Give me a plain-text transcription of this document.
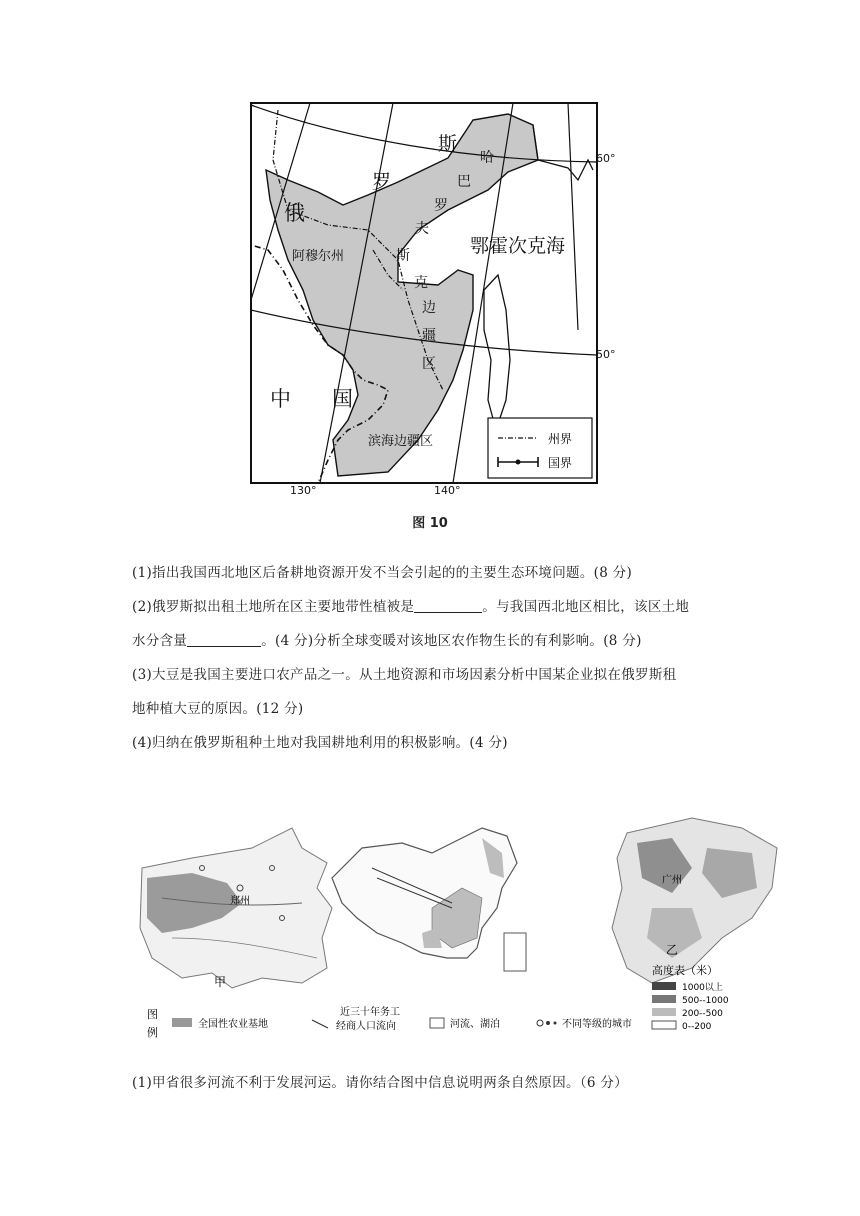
斯
哈
巴
罗
罗
夫
俄
斯
阿穆尔州	鄂霍次克海
克
边
疆
区
中 国
滨海边疆区
60°
50°
130°	140°
州界
国界
图 10
(1)指出我国西北地区后备耕地资源开发不当会引起的的主要生态环境问题。(8 分)
(2)俄罗斯拟出租土地所在区主要地带性植被是	。与我国西北地区相比，该区土地
水分含量	。(4 分)分析全球变暖对该地区农作物生长的有利影响。(8 分)
(3)大豆是我国主要进口农产品之一。从土地资源和市场因素分析中国某企业拟在俄罗斯租
地种植大豆的原因。(12 分)
(4)归纳在俄罗斯租种土地对我国耕地利用的积极影响。(4 分)
郑州
甲
广州
乙
高度表（米）
1000以上
500--1000
200--500
0--200
图
例
全国性农业基地
近三十年务工
经商人口流向	河流、湖泊	不同等级的城市
(1)甲省很多河流不利于发展河运。请你结合图中信息说明两条自然原因。（6 分）
